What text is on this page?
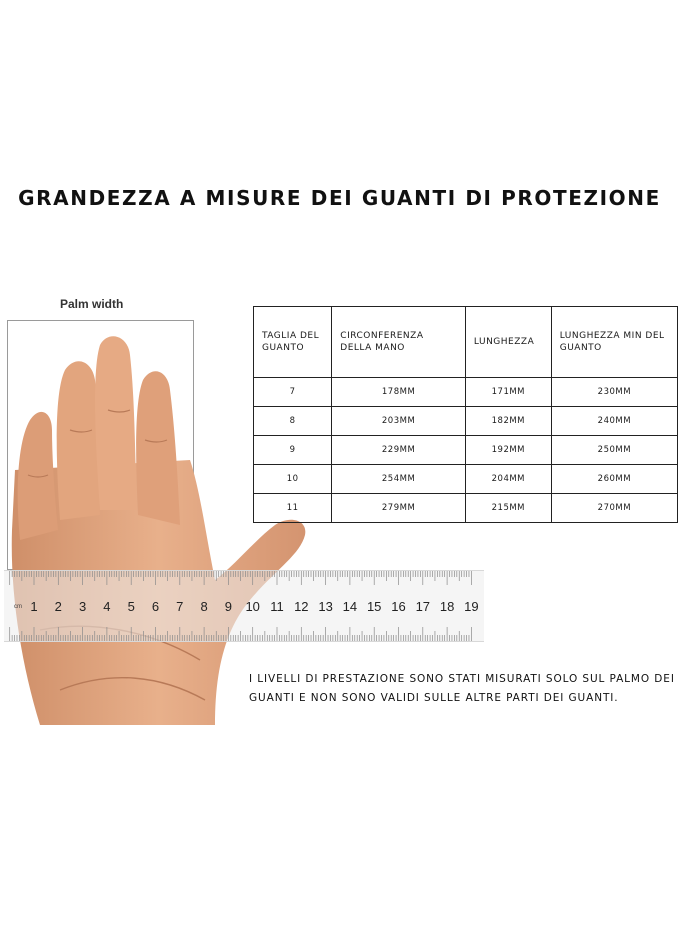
GRANDEZZA A MISURE DEI GUANTI DI PROTEZIONE
Palm width
cm 1	2	3	4	5	6	7	8	9	10 11 12 13 14 15 16 17 18 19
TAGLIA DEL GUANTO	CIRCONFERENZA DELLA MANO	LUNGHEZZA	LUNGHEZZA MIN DEL GUANTO
7	178MM	171MM	230MM
8	203MM	182MM	240MM
9	229MM	192MM	250MM
10	254MM	204MM	260MM
11	279MM	215MM	270MM
I LIVELLI DI PRESTAZIONE SONO STATI MISURATI SOLO SUL PALMO DEI GUANTI E NON SONO VALIDI SULLE ALTRE PARTI DEI GUANTI.
